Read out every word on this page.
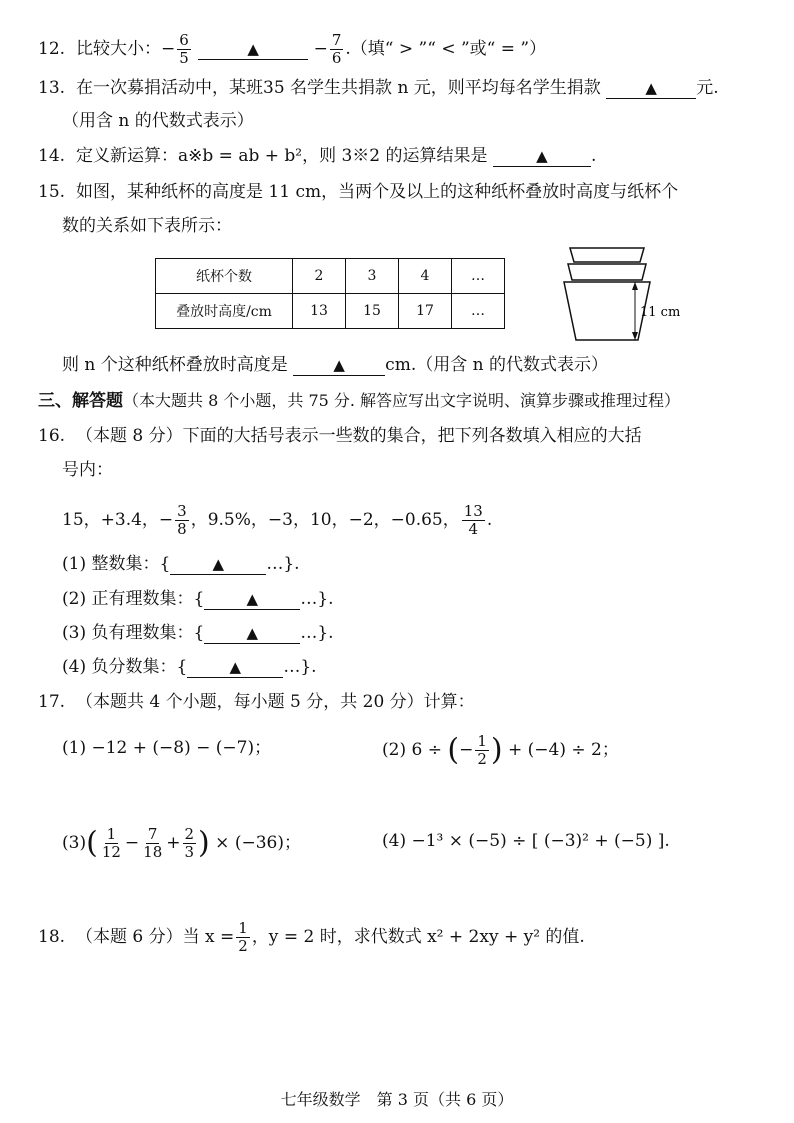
12. 比较大小：− $\frac{6}{5}$	▲	− $\frac{7}{6}$ .（填“ > ”“ < ”或“ = ”）
13. 在一次募捐活动中，某班35 名学生共捐款 n 元，则平均每名学生捐款	▲ 元.
（用含 n 的代数式表示）
14. 定义新运算：a※b = ab + b²，则 3※2 的运算结果是	▲	.
15. 如图，某种纸杯的高度是 11 cm，当两个及以上的这种纸杯叠放时高度与纸杯个
数的关系如下表所示：
纸杯个数	2	3	4	…
叠放时高度/cm	13	15	17	…	11 cm
则 n 个这种纸杯叠放时高度是	▲ cm.（用含 n 的代数式表示）
三、解答题（本大题共 8 个小题，共 75 分. 解答应写出文字说明、演算步骤或推理过程）
16. （本题 8 分）下面的大括号表示一些数的集合，把下列各数填入相应的大括
号内：
15，+3.4，− $\frac{3}{8}$ ，9.5%，−3，10，−2，−0.65， $\frac{13}{4}$ .
(1) 整数集：{	▲ …}.
(2) 正有理数集：{	▲ …}.
(3) 负有理数集：{	▲ …}.
(4) 负分数集：{	▲ …}.
17. （本题共 4 个小题，每小题 5 分，共 20 分）计算：
(1) −12 + (−8) − (−7)；	(2) 6 ÷ (− $\frac{1}{2}$ ) + (−4) ÷ 2；
$(3)( \frac{1}{12} - \frac{7}{18} + \frac{2}{3}$ ) × (−36)；	(4) −1³ × (−5) ÷ [ (−3)² + (−5) ].
18. （本题 6 分）当 $x = \frac{1}{2}$ ，y = 2 时，求代数式 x² + 2xy + y² 的值.
七年级数学　第 3 页（共 6 页）
